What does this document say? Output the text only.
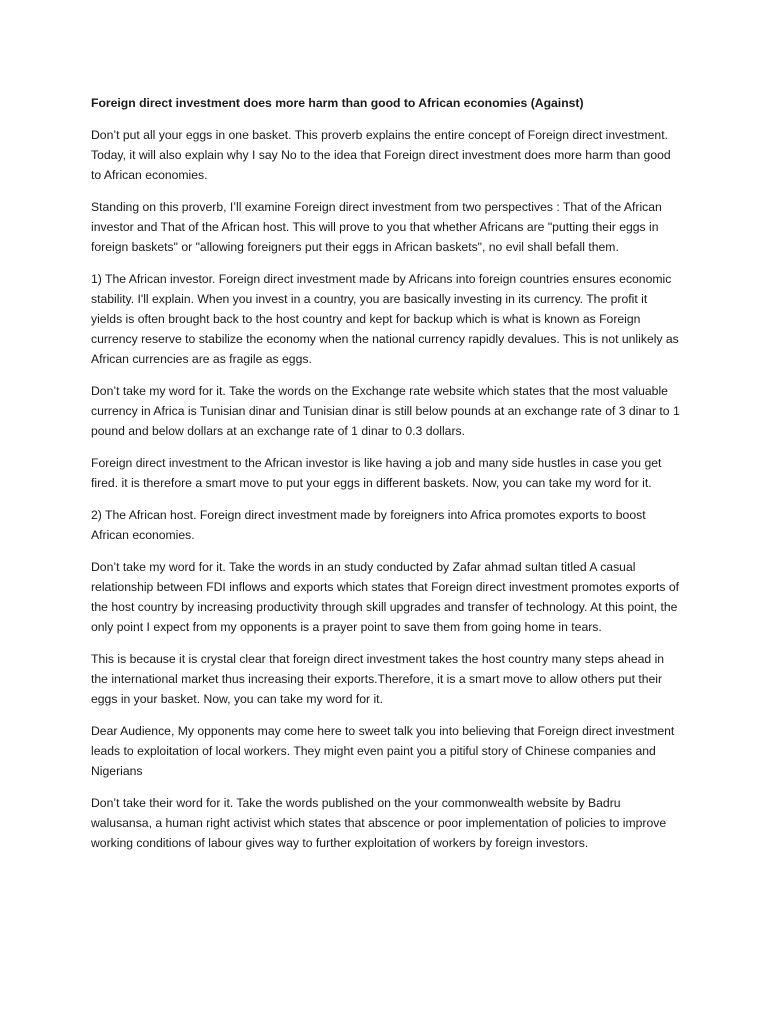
Foreign direct investment does more harm than good to African economies (Against)

Don’t put all your eggs in one basket. This proverb explains the entire concept of Foreign direct investment. Today, it will also explain why I say No to the idea that Foreign direct investment does more harm than good to African economies.

Standing on this proverb, I’ll examine Foreign direct investment from two perspectives : That of the African investor and That of the African host. This will prove to you that whether Africans are "putting their eggs in foreign baskets" or "allowing foreigners put their eggs in African baskets", no evil shall befall them.

1) The African investor. Foreign direct investment made by Africans into foreign countries ensures economic stability. I'll explain. When you invest in a country, you are basically investing in its currency. The profit it yields is often brought back to the host country and kept for backup which is what is known as Foreign currency reserve to stabilize the economy when the national currency rapidly devalues. This is not unlikely as African currencies are as fragile as eggs.

Don’t take my word for it. Take the words on the Exchange rate website which states that the most valuable currency in Africa is Tunisian dinar and Tunisian dinar is still below pounds at an exchange rate of 3 dinar to 1 pound and below dollars at an exchange rate of 1 dinar to 0.3 dollars.

Foreign direct investment to the African investor is like having a job and many side hustles in case you get fired. it is therefore a smart move to put your eggs in different baskets. Now, you can take my word for it.

2) The African host. Foreign direct investment made by foreigners into Africa promotes exports to boost African economies.

Don’t take my word for it. Take the words in an study conducted by Zafar ahmad sultan titled A casual relationship between FDI inflows and exports which states that Foreign direct investment promotes exports of the host country by increasing productivity through skill upgrades and transfer of technology. At this point, the only point I expect from my opponents is a prayer point to save them from going home in tears.

This is because it is crystal clear that foreign direct investment takes the host country many steps ahead in the international market thus increasing their exports.Therefore, it is a smart move to allow others put their eggs in your basket. Now, you can take my word for it.

Dear Audience, My opponents may come here to sweet talk you into believing that Foreign direct investment leads to exploitation of local workers. They might even paint you a pitiful story of Chinese companies and Nigerians

Don’t take their word for it. Take the words published on the your commonwealth website by Badru walusansa, a human right activist which states that abscence or poor implementation of policies to improve working conditions of labour gives way to further exploitation of workers by foreign investors.
